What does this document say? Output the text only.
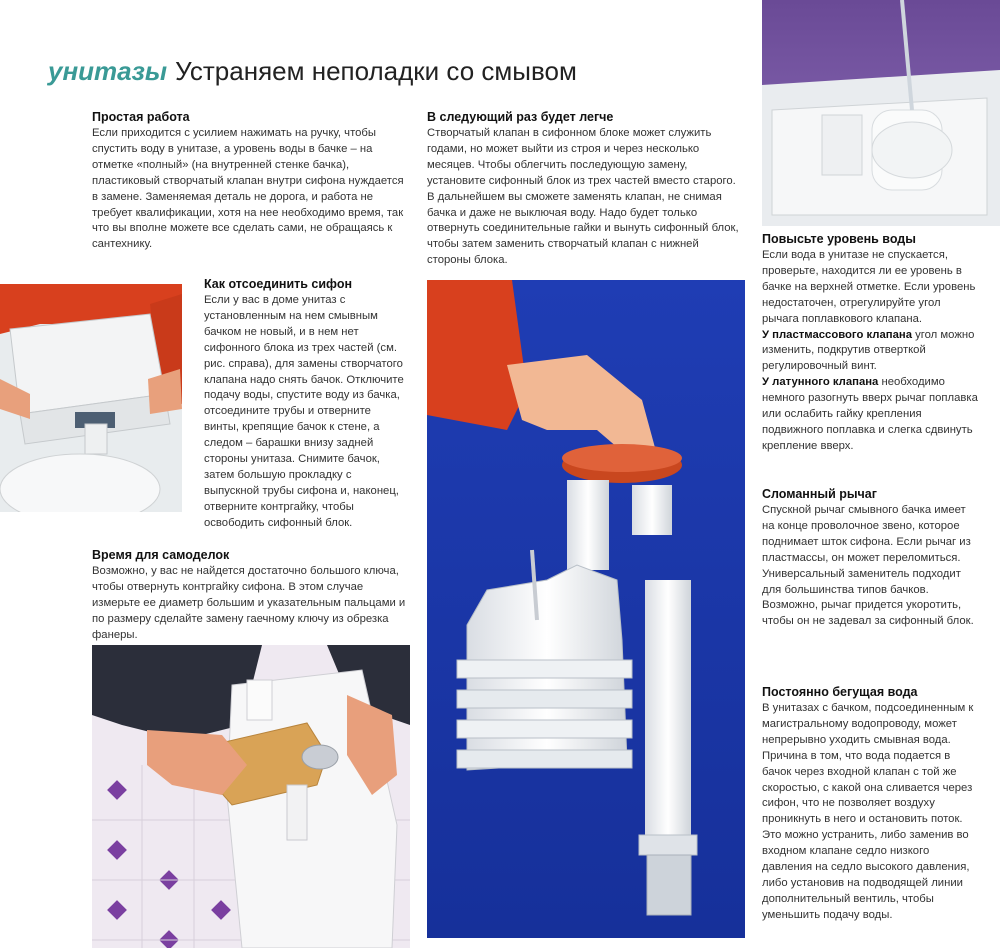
унитазы Устраняем неполадки со смывом

Простая работа

Если приходится с усилием нажимать на ручку, чтобы спустить воду в унитазе, а уровень воды в бачке – на отметке «полный» (на внутренней стенке бачка), пластиковый створчатый клапан внутри сифона нуждается в замене. Заменяемая деталь не дорога, и работа не требует квалификации, хотя на нее необходимо время, так что вы вполне можете все сделать сами, не обращаясь к сантехнику.

В следующий раз будет легче

Створчатый клапан в сифонном блоке может служить годами, но может выйти из строя и через несколько месяцев. Чтобы облегчить последующую замену, установите сифонный блок из трех частей вместо старого. В дальнейшем вы сможете заменять клапан, не снимая бачка и даже не выключая воду. Надо будет только отвернуть соединительные гайки и вынуть сифонный блок, чтобы затем заменить створчатый клапан с нижней стороны блока.

Как отсоединить сифон

Если у вас в доме унитаз с установленным на нем смывным бачком не новый, и в нем нет сифонного блока из трех частей (см. рис. справа), для замены створчатого клапана надо снять бачок. Отключите подачу воды, спустите воду из бачка, отсоедините трубы и отверните винты, крепящие бачок к стене, а следом – барашки внизу задней стороны унитаза. Снимите бачок, затем большую прокладку с выпускной трубы сифона и, наконец, отверните контргайку, чтобы освободить сифонный блок.

Повысьте уровень воды

Если вода в унитазе не спускается, проверьте, находится ли ее уровень в бачке на верхней отметке. Если уровень недостаточен, отрегулируйте угол рычага поплавкового клапана.
У пластмассового клапана угол можно изменить, подкрутив отверткой регулировочный винт.
У латунного клапана необходимо немного разогнуть вверх рычаг поплавка или ослабить гайку крепления подвижного поплавка и слегка сдвинуть крепление вверх.

Время для самоделок

Возможно, у вас не найдется достаточно большого ключа, чтобы отвернуть контргайку сифона. В этом случае измерьте ее диаметр большим и указательным пальцами и по размеру сделайте замену гаечному ключу из обрезка фанеры.

Сломанный рычаг

Спускной рычаг смывного бачка имеет на конце проволочное звено, которое поднимает шток сифона. Если рычаг из пластмассы, он может переломиться. Универсальный заменитель подходит для большинства типов бачков. Возможно, рычаг придется укоротить, чтобы он не задевал за сифонный блок.

Постоянно бегущая вода

В унитазах с бачком, подсоединенным к магистральному водопроводу, может непрерывно уходить смывная вода. Причина в том, что вода подается в бачок через входной клапан с той же скоростью, с какой она сливается через сифон, что не позволяет воздуху проникнуть в него и остановить поток. Это можно устранить, либо заменив во входном клапане седло низкого давления на седло высокого давления, либо установив на подводящей линии дополнительный вентиль, чтобы уменьшить подачу воды.
